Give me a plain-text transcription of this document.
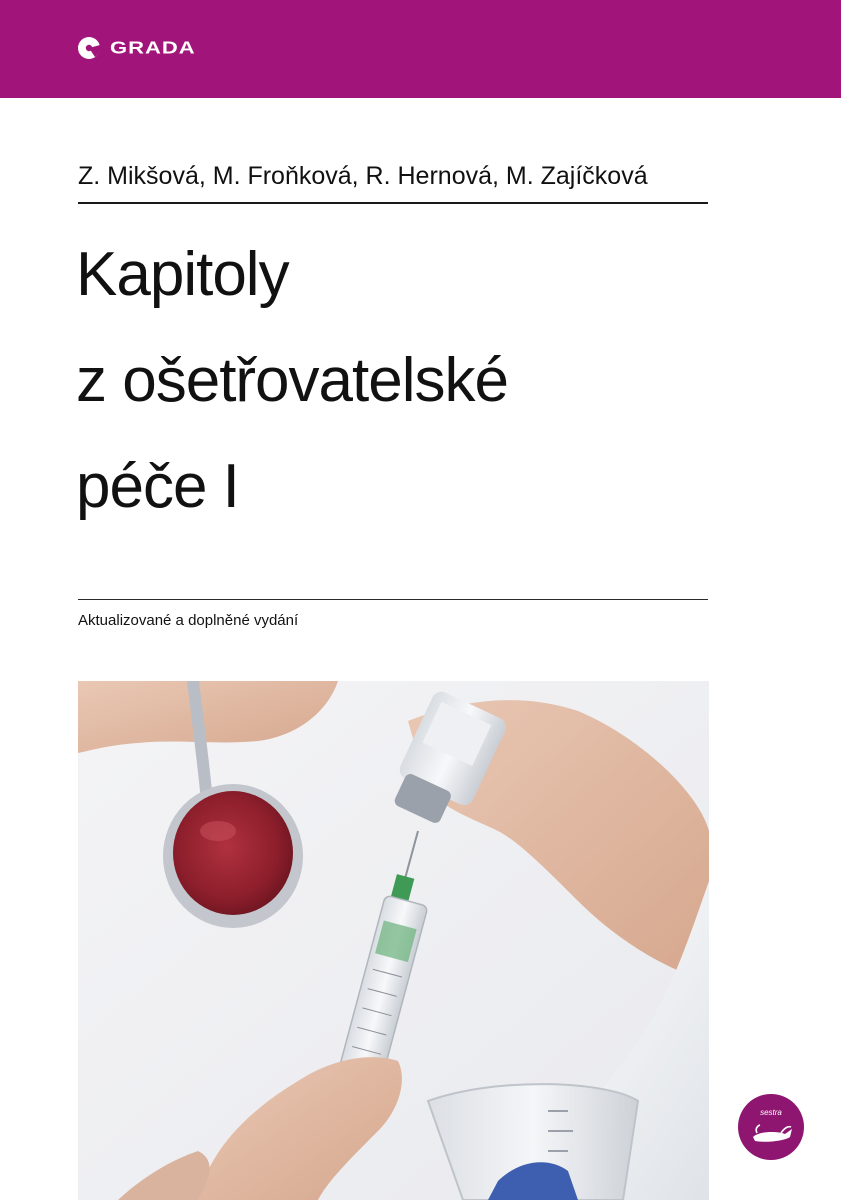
GRADA
Z. Mikšová, M. Froňková, R. Hernová, M. Zajíčková
Kapitoly
z ošetřovatelské
péče I
Aktualizované a doplněné vydání
sestra
